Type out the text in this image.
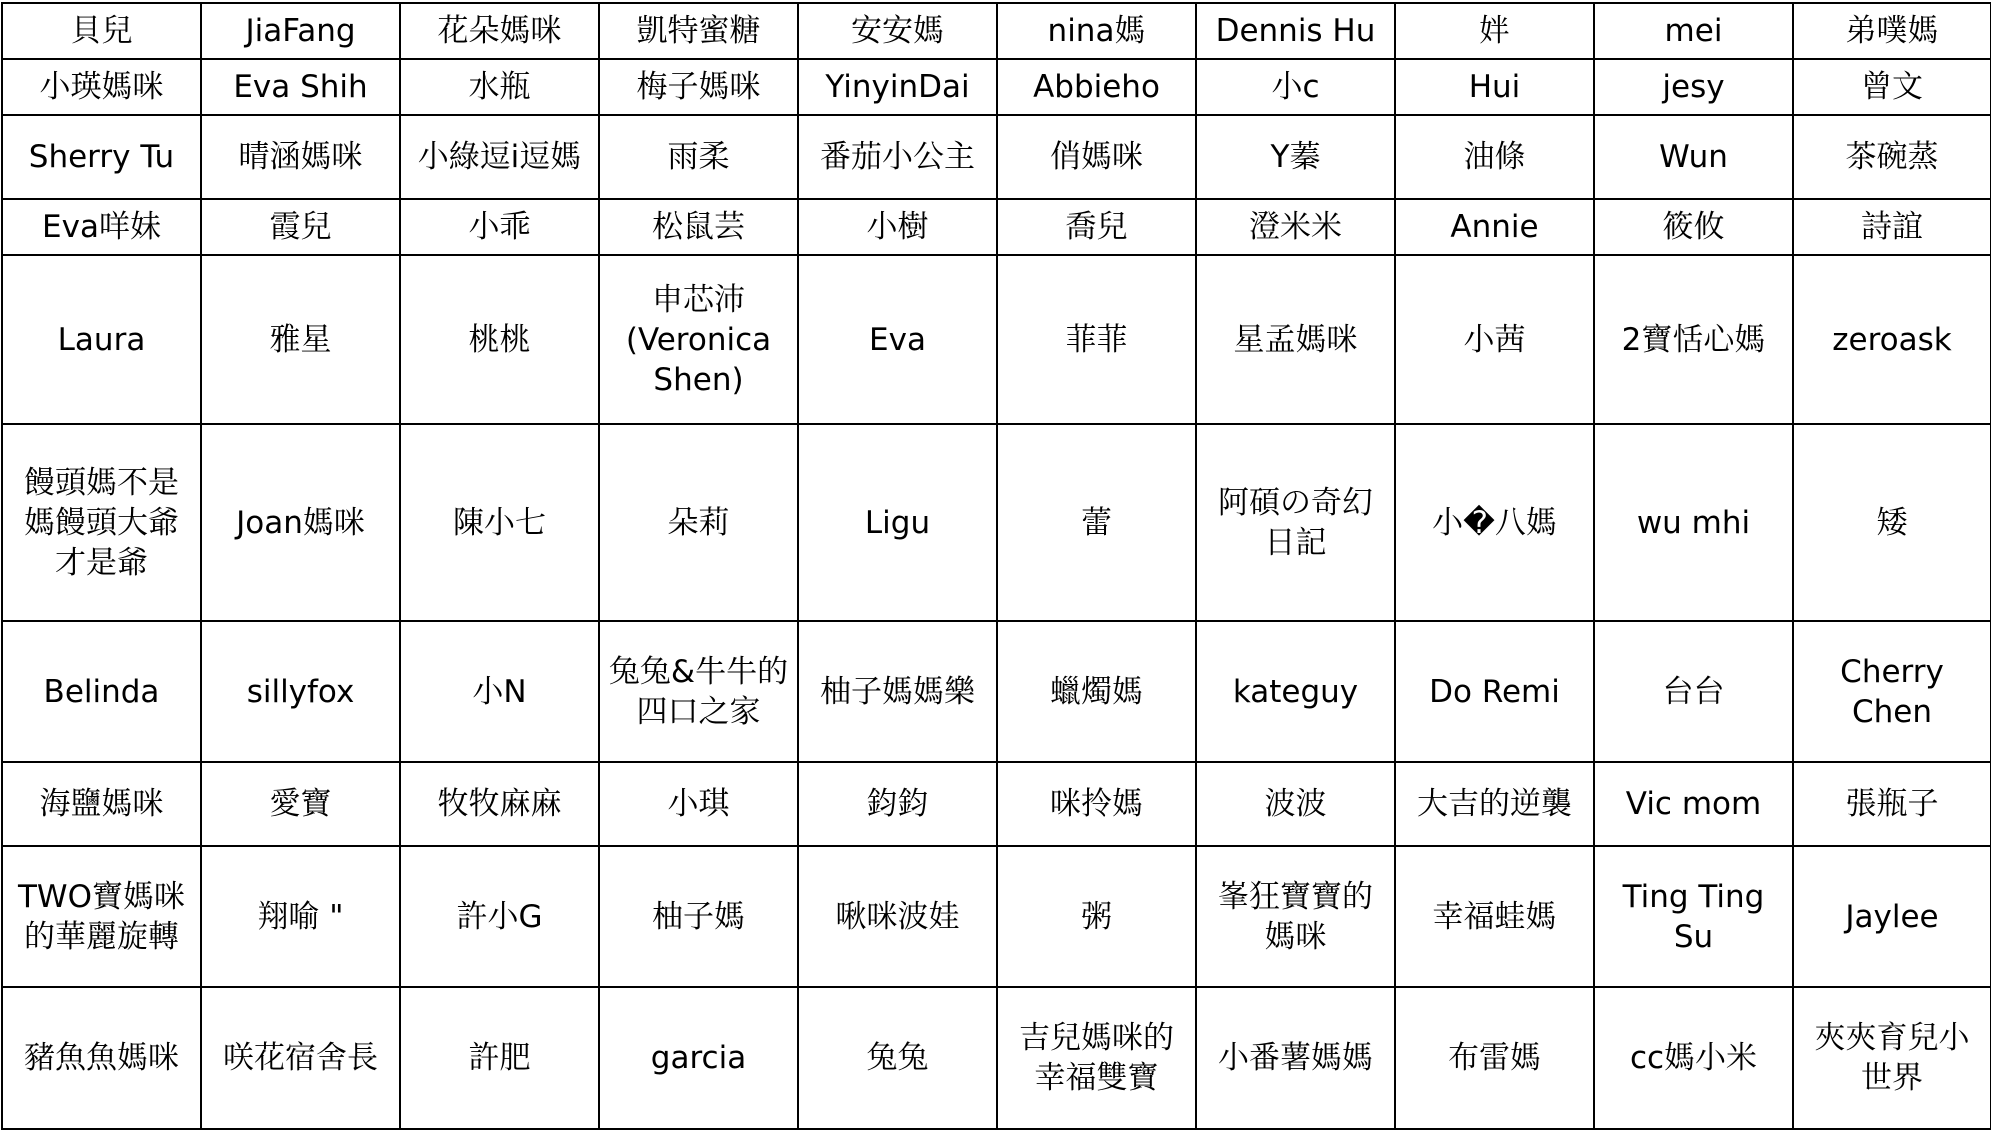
貝兒	JiaFang	花朵媽咪	凱特蜜糖	安安媽	nina媽	Dennis Hu	姅	mei	弟噗媽
小瑛媽咪	Eva Shih	水瓶	梅子媽咪	YinyinDai	Abbieho	小c	Hui	jesy	曾文
Sherry Tu	晴涵媽咪	小綠逗i逗媽	雨柔	番茄小公主	俏媽咪	Y蓁	油條	Wun	茶碗蒸
Eva咩妹	霞兒	小乖	松鼠芸	小樹	喬兒	澄米米	Annie	筱攸	詩誼
Laura	雅星	桃桃	申芯沛(Veronica Shen)	Eva	菲菲	星孟媽咪	小茜	2寶恬心媽	zeroask
饅頭媽不是媽饅頭大爺才是爺	Joan媽咪	陳小七	朵莉	Ligu	蕾	阿碩の奇幻日記	小�八媽	wu mhi	矮
Belinda	sillyfox	小N	兔兔&牛牛的四口之家	柚子媽媽樂	蠟燭媽	kateguy	Do Remi	台台	Cherry Chen
海鹽媽咪	愛寶	牧牧麻麻	小琪	鈞鈞	咪拎媽	波波	大吉的逆襲	Vic mom	張瓶子
TWO寶媽咪的華麗旋轉	翔喻 "	許小G	柚子媽	啾咪波娃	粥	峯狂寶寶的媽咪	幸福蛙媽	Ting Ting Su	Jaylee
豬魚魚媽咪	咲花宿舍長	許肥	garcia	兔兔	吉兒媽咪的幸福雙寶	小番薯媽媽	布雷媽	cc媽小米	夾夾育兒小世界
